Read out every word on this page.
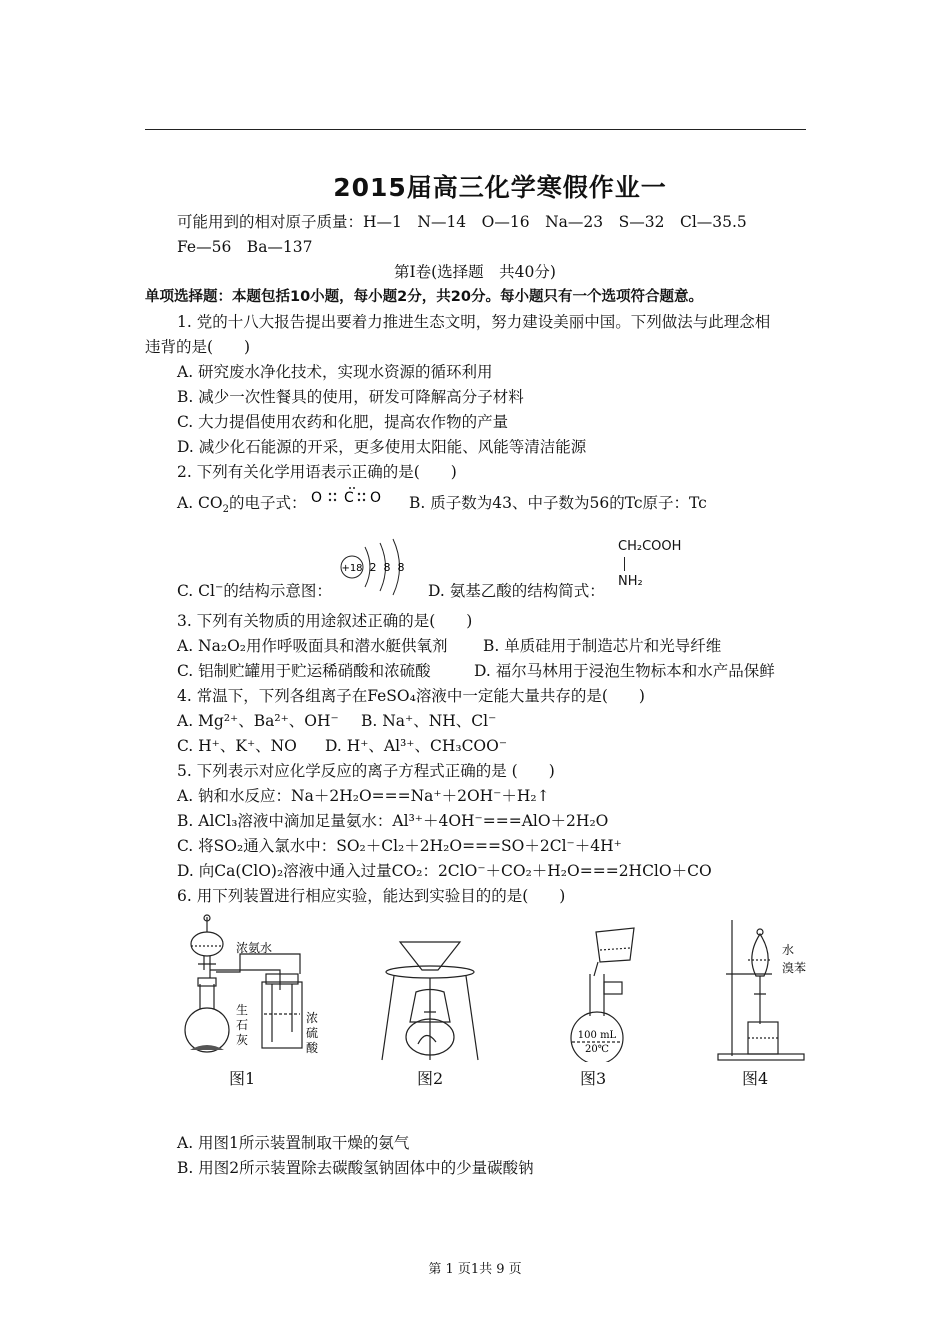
2015届高三化学寒假作业一
可能用到的相对原子质量：H—1　N—14　O—16　Na—23　S—32　Cl—35.5
Fe—56　Ba—137
第Ⅰ卷(选择题　共40分)
单项选择题：本题包括10小题，每小题2分，共20分。每小题只有一个选项符合题意。
1. 党的十八大报告提出要着力推进生态文明，努力建设美丽中国。下列做法与此理念相
违背的是(　　)
A. 研究废水净化技术，实现水资源的循环利用
B. 减少一次性餐具的使用，研发可降解高分子材料
C. 大力提倡使用农药和化肥，提高农作物的产量
D. 减少化石能源的开采，更多使用太阳能、风能等清洁能源
2. 下列有关化学用语表示正确的是(　　)
A. $CO_2$的电子式： O C O B. 质子数为43、中子数为56的Tc原子：Tc
C. Cl−的结构示意图：
+18 2 8 8
D. 氨基乙酸的结构简式：
CH₂COOH
NH₂
3. 下列有关物质的用途叙述正确的是(　　)
A. Na₂O₂用作呼吸面具和潜水艇供氧剂 B. 单质硅用于制造芯片和光导纤维
C. 铝制贮罐用于贮运稀硝酸和浓硫酸	D. 福尔马林用于浸泡生物标本和水产品保鲜
4. 常温下，下列各组离子在FeSO₄溶液中一定能大量共存的是(　　)
A. Mg²⁺、Ba²⁺、OH⁻ B. Na⁺、NH、Cl⁻
C. H⁺、K⁺、NO D. H⁺、Al³⁺、CH₃COO⁻
5. 下列表示对应化学反应的离子方程式正确的是 (　　)
A. 钠和水反应：Na＋2H₂O===Na⁺＋2OH⁻＋H₂↑
B. AlCl₃溶液中滴加足量氨水：Al³⁺＋4OH⁻===AlO＋2H₂O
C. 将SO₂通入氯水中：SO₂＋Cl₂＋2H₂O===SO＋2Cl⁻＋4H⁺
D. 向Ca(ClO)₂溶液中通入过量CO₂：2ClO⁻＋CO₂＋H₂O===2HClO＋CO
6. 用下列装置进行相应实验，能达到实验目的的是(　　)
浓氨水
生
石
灰
浓
硫
酸
图1	图2
100 mL
20℃
图3
水
溴苯
图4
A. 用图1所示装置制取干燥的氨气
B. 用图2所示装置除去碳酸氢钠固体中的少量碳酸钠
第 1 页1共 9 页
